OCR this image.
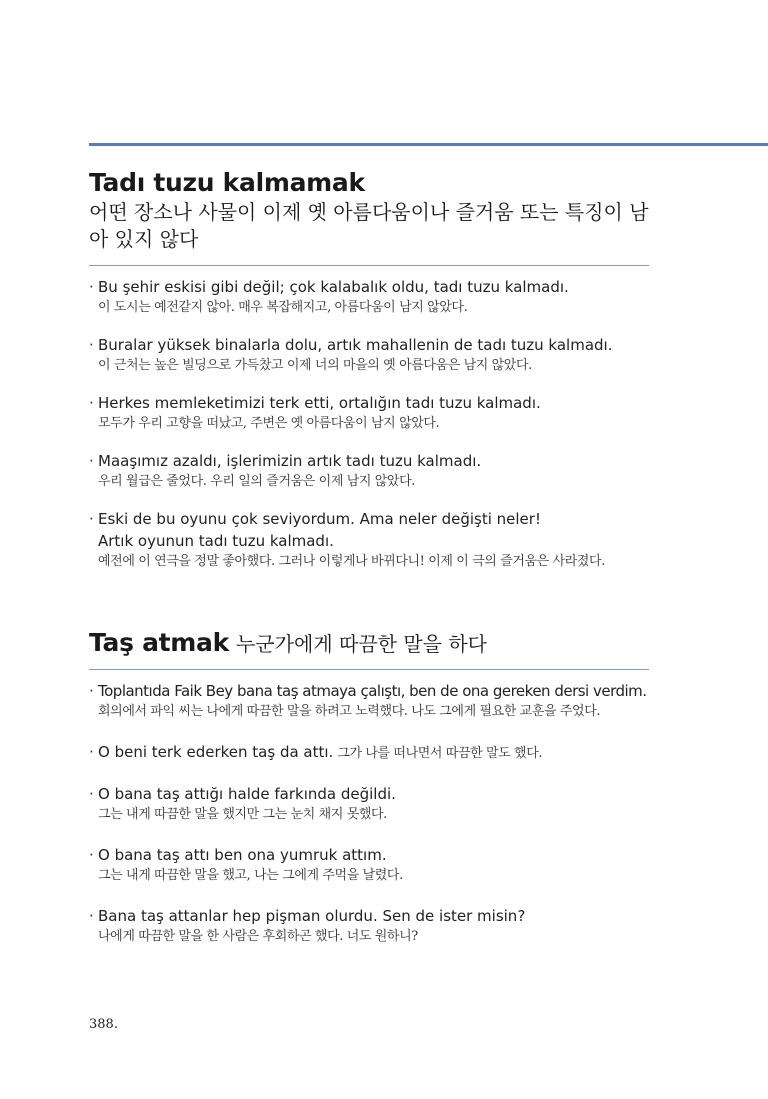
Tadı tuzu kalmamak
어떤 장소나 사물이 이제 옛 아름다움이나 즐거움 또는 특징이 남아 있지 않다
· Bu şehir eskisi gibi değil; çok kalabalık oldu, tadı tuzu kalmadı.
이 도시는 예전같지 않아. 매우 복잡해지고, 아름다움이 남지 않았다.
· Buralar yüksek binalarla dolu, artık mahallenin de tadı tuzu kalmadı.
이 근처는 높은 빌딩으로 가득찼고 이제 너의 마을의 옛 아름다움은 남지 않았다.
· Herkes memleketimizi terk etti, ortalığın tadı tuzu kalmadı.
모두가 우리 고향을 떠났고, 주변은 옛 아름다움이 남지 않았다.
· Maaşımız azaldı, işlerimizin artık tadı tuzu kalmadı.
우리 월급은 줄었다. 우리 일의 즐거움은 이제 남지 않았다.
· Eski de bu oyunu çok seviyordum. Ama neler değişti neler!
Artık oyunun tadı tuzu kalmadı.
예전에 이 연극을 정말 좋아했다. 그러나 이렇게나 바뀌다니! 이제 이 극의 즐거움은 사라졌다.
Taş atmak 누군가에게 따끔한 말을 하다
· Toplantıda Faik Bey bana taş atmaya çalıştı, ben de ona gereken dersi verdim.
회의에서 파익 씨는 나에게 따끔한 말을 하려고 노력했다. 나도 그에게 필요한 교훈을 주었다.
· O beni terk ederken taş da attı. 그가 나를 떠나면서 따끔한 말도 했다.
· O bana taş attığı halde farkında değildi.
그는 내게 따끔한 말을 했지만 그는 눈치 채지 못했다.
· O bana taş attı ben ona yumruk attım.
그는 내게 따끔한 말을 했고, 나는 그에게 주먹을 날렸다.
· Bana taş attanlar hep pişman olurdu. Sen de ister misin?
나에게 따끔한 말을 한 사람은 후회하곤 했다. 너도 원하니?
388.
